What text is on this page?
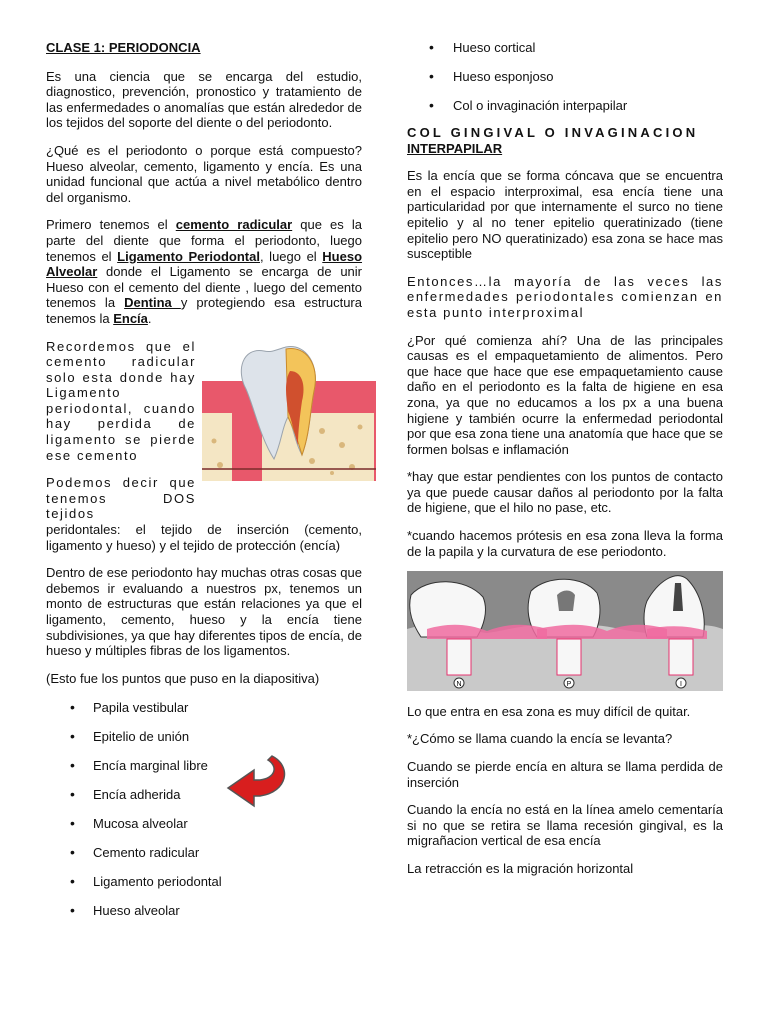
CLASE 1: PERIODONCIA

Es una ciencia que se encarga del estudio, diagnostico, prevención, pronostico y tratamiento de las enfermedades o anomalías que están alrededor de los tejidos del soporte del diente o del periodonto.

¿Qué es el periodonto o porque está compuesto? Hueso alveolar, cemento, ligamento y encía. Es una unidad funcional que actúa a nivel metabólico dentro del organismo.

Primero tenemos el cemento radicular que es la parte del diente que forma el periodonto, luego tenemos el Ligamento Periodontal, luego el Hueso Alveolar donde el Ligamento se encarga de unir Hueso con el cemento del diente , luego del cemento tenemos la Dentina y protegiendo esa estructura tenemos la Encía.

Recordemos que el cemento radicular solo esta donde hay Ligamento periodontal, cuando hay perdida de ligamento se pierde ese cemento

Podemos decir que tenemos DOS tejidos

peridontales: el tejido de inserción (cemento, ligamento y hueso) y el tejido de protección (encía)

Dentro de ese periodonto hay muchas otras cosas que debemos ir evaluando a nuestros px, tenemos un monto de estructuras que están relaciones ya que el ligamento, cemento, hueso y la encía tiene subdivisiones, ya que hay diferentes tipos de encía, de hueso y múltiples fibras de los ligamentos.

(Esto fue los puntos que puso en la diapositiva)

• Papila vestibular
• Epitelio de unión
• Encía marginal libre
• Encía adherida
• Mucosa alveolar
• Cemento radicular
• Ligamento periodontal
• Hueso alveolar
• Hueso cortical
• Hueso esponjoso
• Col o invaginación interpapilar

COL GINGIVAL O INVAGINACION

INTERPAPILAR

Es la encía que se forma cóncava que se encuentra en el espacio interproximal, esa encía tiene una particularidad por que internamente el surco no tiene epitelio y al no tener epitelio queratinizado (tiene epitelio pero NO queratinizado) esa zona se hace mas susceptible

Entonces…la mayoría de las veces las enfermedades periodontales comienzan en esta punto interproximal

¿Por qué comienza ahí? Una de las principales causas es el empaquetamiento de alimentos. Pero que hace que hace que ese empaquetamiento cause daño en el periodonto es la falta de higiene en esa zona, ya que no educamos a los px a una buena higiene y también ocurre la enfermedad periodontal por que esa zona tiene una anatomía que hace que se formen bolsas e inflamación

*hay que estar pendientes con los puntos de contacto ya que puede causar daños al periodonto por la falta de higiene, que el hilo no pase, etc.

*cuando hacemos prótesis en esa zona lleva la forma de la papila y la curvatura de ese periodonto.

N	P	I

Lo que entra en esa zona es muy difícil de quitar.

*¿Cómo se llama cuando la encía se levanta?

Cuando se pierde encía en altura se llama perdida de inserción

Cuando la encía no está en la línea amelo cementaría si no que se retira se llama recesión gingival, es la migrañacion vertical de esa encía

La retracción es la migración horizontal
